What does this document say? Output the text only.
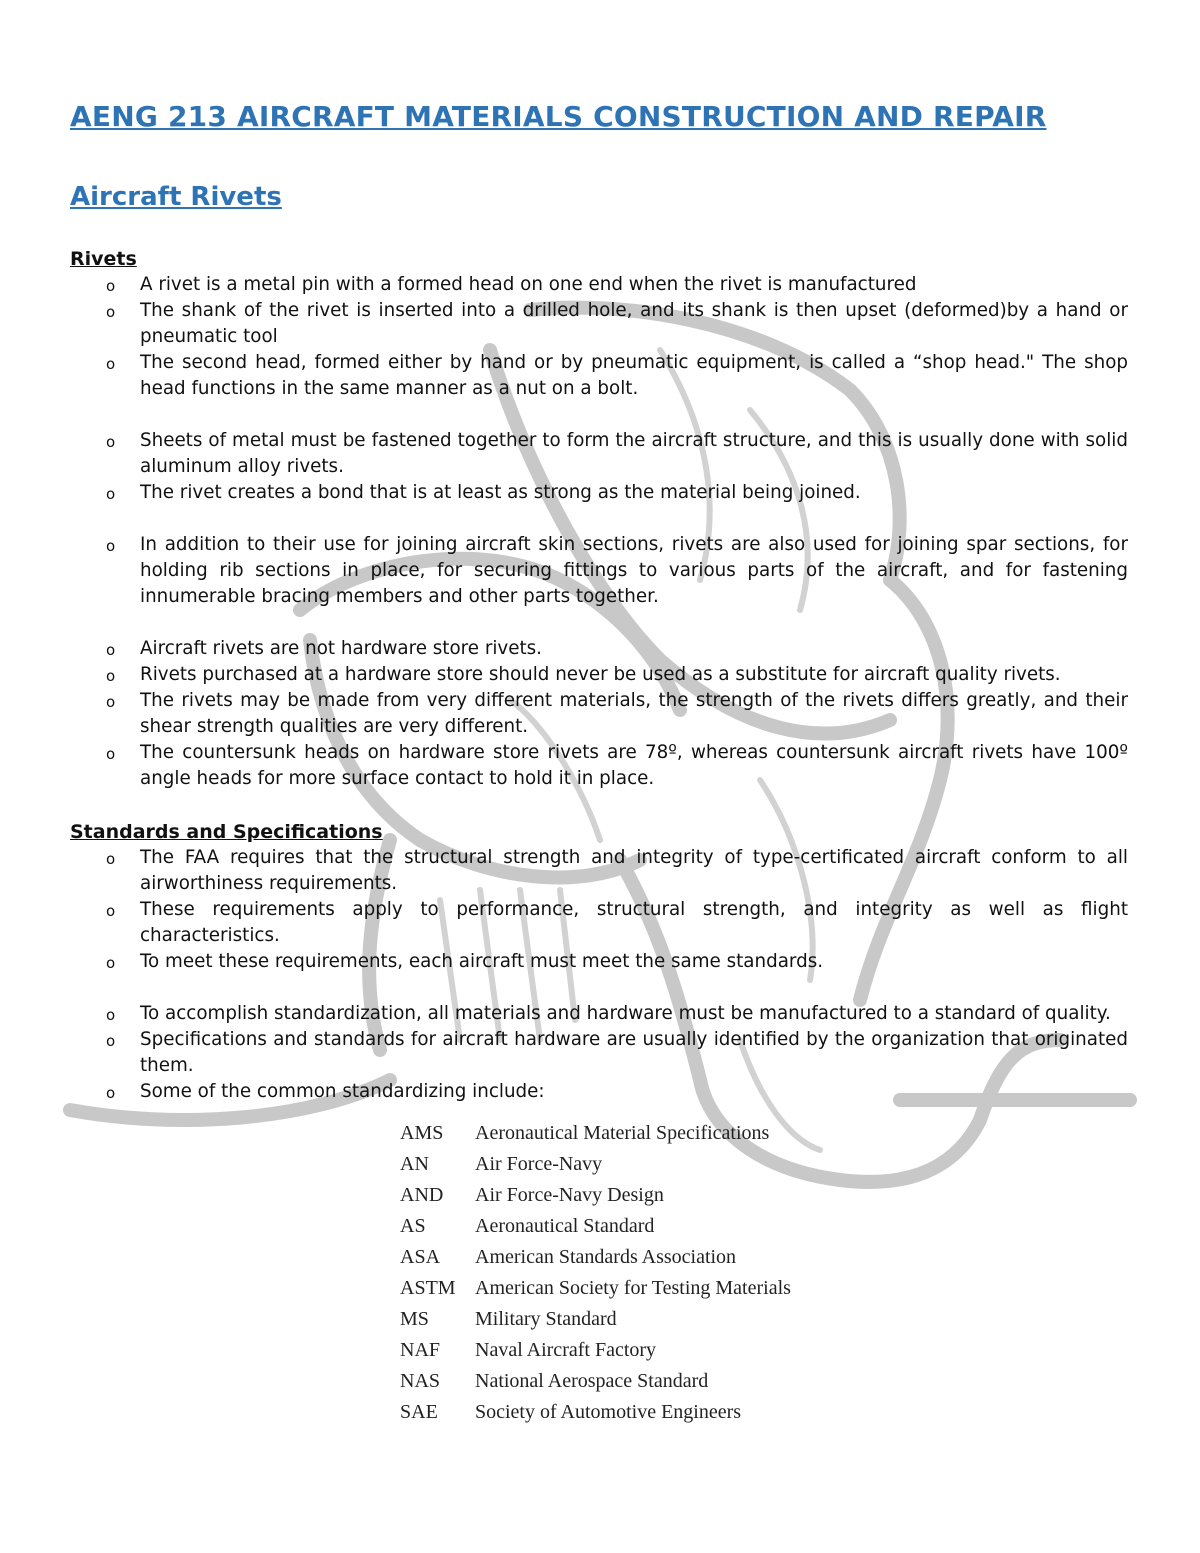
AENG 213 AIRCRAFT MATERIALS CONSTRUCTION AND REPAIR
Aircraft Rivets
Rivets
o A rivet is a metal pin with a formed head on one end when the rivet is manufactured
o The shank of the rivet is inserted into a drilled hole, and its shank is then upset (deformed)by a hand or pneumatic tool
o The second head, formed either by hand or by pneumatic equipment, is called a “shop head." The shop head functions in the same manner as a nut on a bolt.
o Sheets of metal must be fastened together to form the aircraft structure, and this is usually done with solid aluminum alloy rivets.
o The rivet creates a bond that is at least as strong as the material being joined.
o In addition to their use for joining aircraft skin sections, rivets are also used for joining spar sections, for holding rib sections in place, for securing fittings to various parts of the aircraft, and for fastening innumerable bracing members and other parts together.
o Aircraft rivets are not hardware store rivets.
o Rivets purchased at a hardware store should never be used as a substitute for aircraft quality rivets.
o The rivets may be made from very different materials, the strength of the rivets differs greatly, and their shear strength qualities are very different.
o The countersunk heads on hardware store rivets are 78º, whereas countersunk aircraft rivets have 100º angle heads for more surface contact to hold it in place.
Standards and Specifications
o The FAA requires that the structural strength and integrity of type-certificated aircraft conform to all airworthiness requirements.
o These requirements apply to performance, structural strength, and integrity as well as flight characteristics.
o To meet these requirements, each aircraft must meet the same standards.
o To accomplish standardization, all materials and hardware must be manufactured to a standard of quality.
o Specifications and standards for aircraft hardware are usually identified by the organization that originated them.
o Some of the common standardizing include:
AMS	Aeronautical Material Specifications
AN	Air Force-Navy
AND	Air Force-Navy Design
AS	Aeronautical Standard
ASA	American Standards Association
ASTM	American Society for Testing Materials
MS	Military Standard
NAF	Naval Aircraft Factory
NAS	National Aerospace Standard
SAE	Society of Automotive Engineers
